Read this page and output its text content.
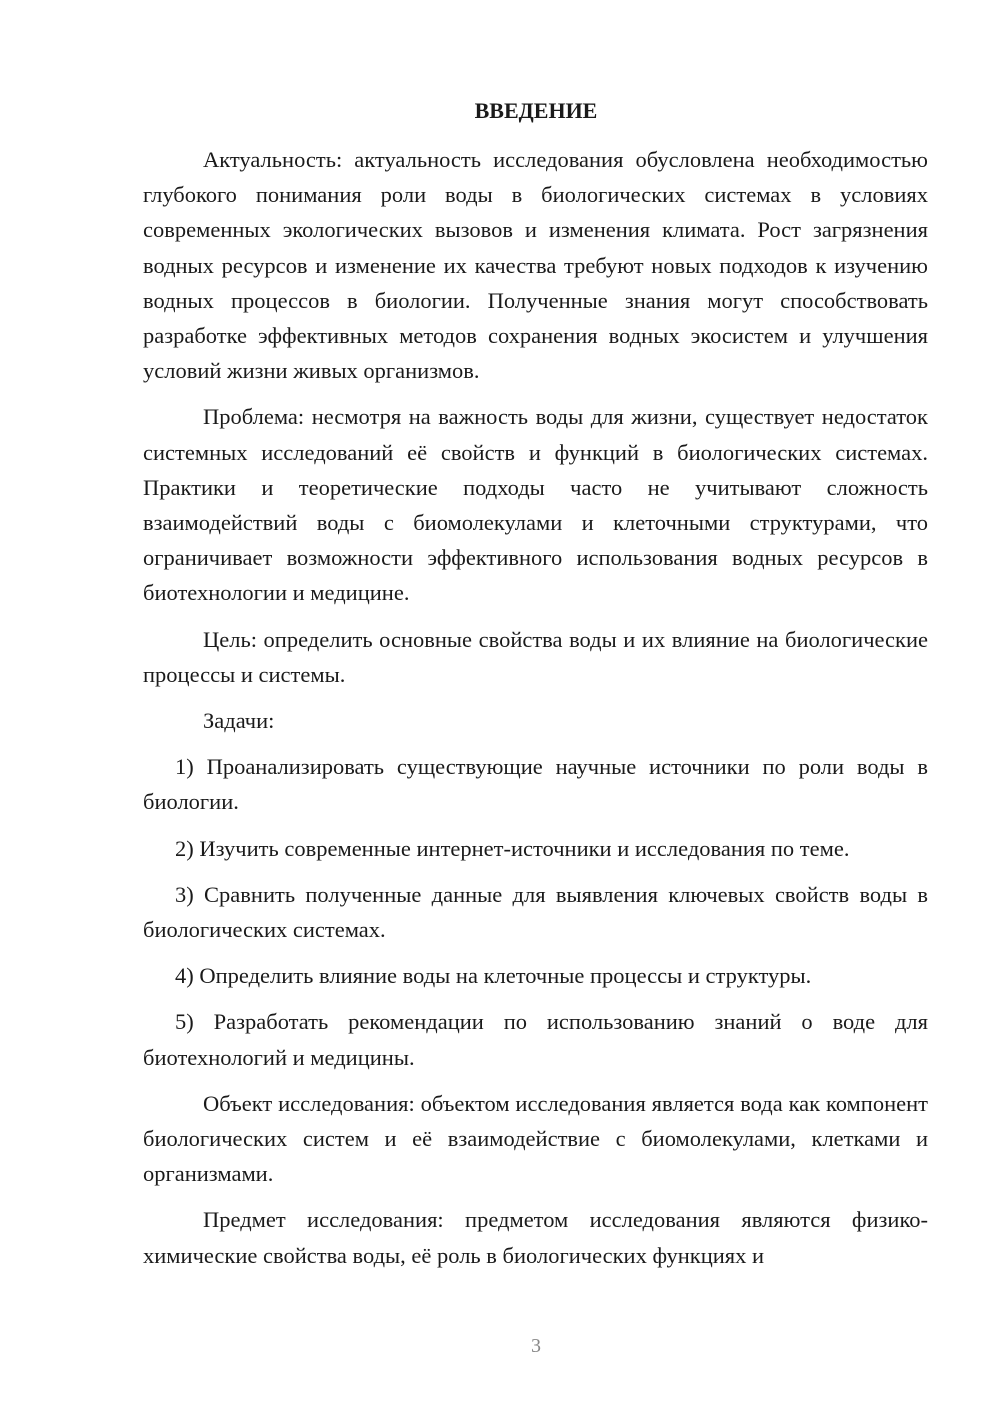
ВВЕДЕНИЕ

Актуальность: актуальность исследования обусловлена необходимостью глубокого понимания роли воды в биологических системах в условиях современных экологических вызовов и изменения климата. Рост загрязнения водных ресурсов и изменение их качества требуют новых подходов к изучению водных процессов в биологии. Полученные знания могут способствовать разработке эффективных методов сохранения водных экосистем и улучшения условий жизни живых организмов.

Проблема: несмотря на важность воды для жизни, существует недостаток системных исследований её свойств и функций в биологических системах. Практики и теоретические подходы часто не учитывают сложность взаимодействий воды с биомолекулами и клеточными структурами, что ограничивает возможности эффективного использования водных ресурсов в биотехнологии и медицине.

Цель: определить основные свойства воды и их влияние на биологические процессы и системы.

Задачи:

1) Проанализировать существующие научные источники по роли воды в биологии.

2) Изучить современные интернет-источники и исследования по теме.

3) Сравнить полученные данные для выявления ключевых свойств воды в биологических системах.

4) Определить влияние воды на клеточные процессы и структуры.

5) Разработать рекомендации по использованию знаний о воде для биотехнологий и медицины.

Объект исследования: объектом исследования является вода как компонент биологических систем и её взаимодействие с биомолекулами, клетками и организмами.

Предмет исследования: предметом исследования являются физико-химические свойства воды, её роль в биологических функциях и

3
